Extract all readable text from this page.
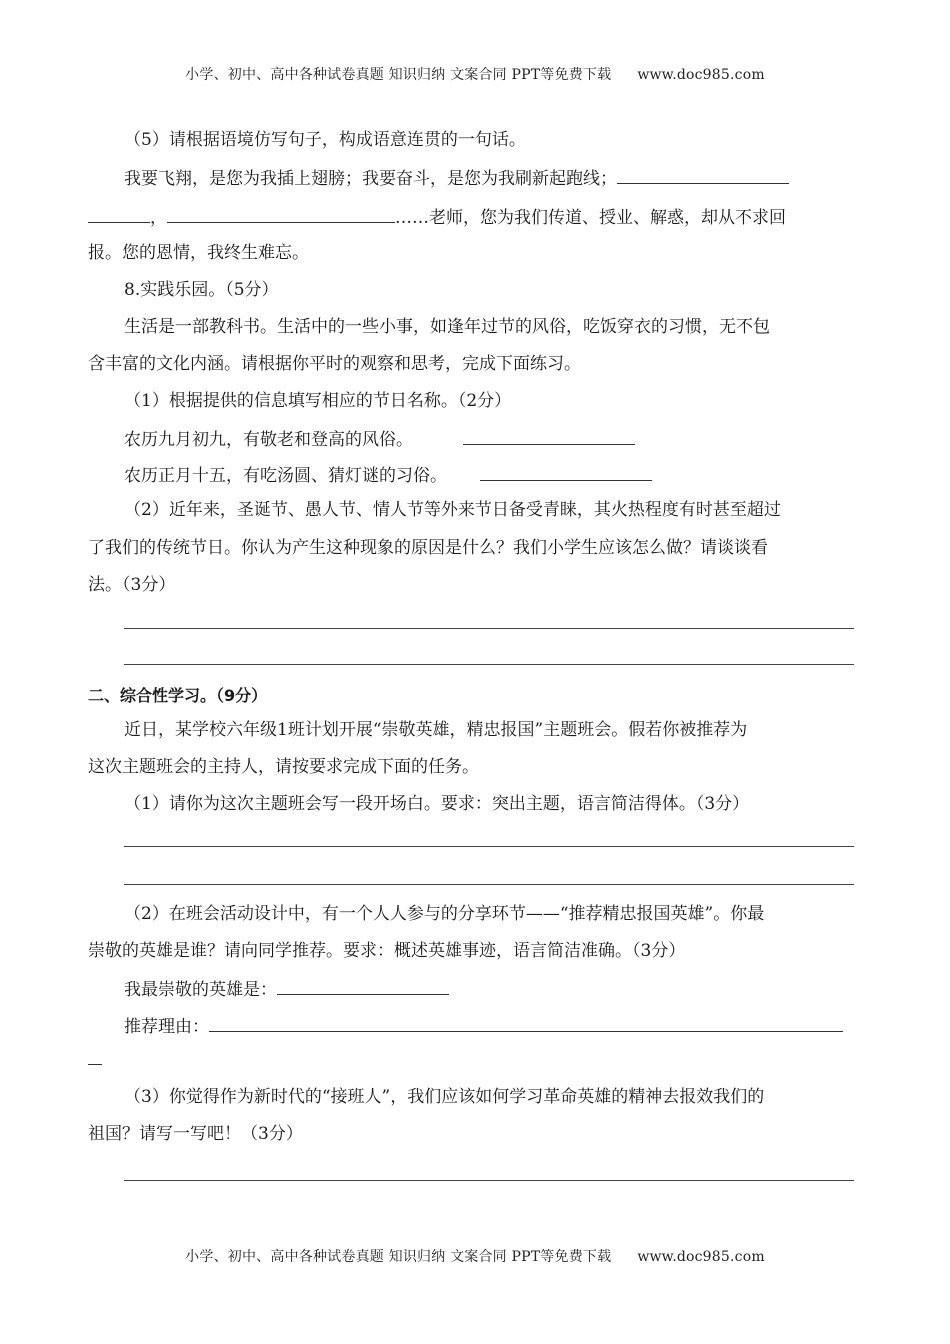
小学、初中、高中各种试卷真题 知识归纳 文案合同 PPT等免费下载 www.doc985.com
（5）请根据语境仿写句子，构成语意连贯的一句话。
我要飞翔，是您为我插上翅膀；我要奋斗，是您为我刷新起跑线；
，	……老师，您为我们传道、授业、解惑，却从不求回
报。您的恩情，我终生难忘。
8.实践乐园。（5分）
生活是一部教科书。生活中的一些小事，如逢年过节的风俗，吃饭穿衣的习惯，无不包
含丰富的文化内涵。请根据你平时的观察和思考，完成下面练习。
（1）根据提供的信息填写相应的节日名称。（2分）
农历九月初九，有敬老和登高的风俗。
农历正月十五，有吃汤圆、猜灯谜的习俗。
（2）近年来，圣诞节、愚人节、情人节等外来节日备受青睐，其火热程度有时甚至超过
了我们的传统节日。你认为产生这种现象的原因是什么？我们小学生应该怎么做？请谈谈看
法。（3分）
二、综合性学习。（9分）
近日，某学校六年级1班计划开展“崇敬英雄，精忠报国”主题班会。假若你被推荐为
这次主题班会的主持人，请按要求完成下面的任务。
（1）请你为这次主题班会写一段开场白。要求：突出主题，语言简洁得体。（3分）
（2）在班会活动设计中，有一个人人参与的分享环节——“推荐精忠报国英雄”。你最
崇敬的英雄是谁？请向同学推荐。要求：概述英雄事迹，语言简洁准确。（3分）
我最崇敬的英雄是：
推荐理由：
（3）你觉得作为新时代的“接班人”，我们应该如何学习革命英雄的精神去报效我们的
祖国？请写一写吧！（3分）
小学、初中、高中各种试卷真题 知识归纳 文案合同 PPT等免费下载 www.doc985.com
